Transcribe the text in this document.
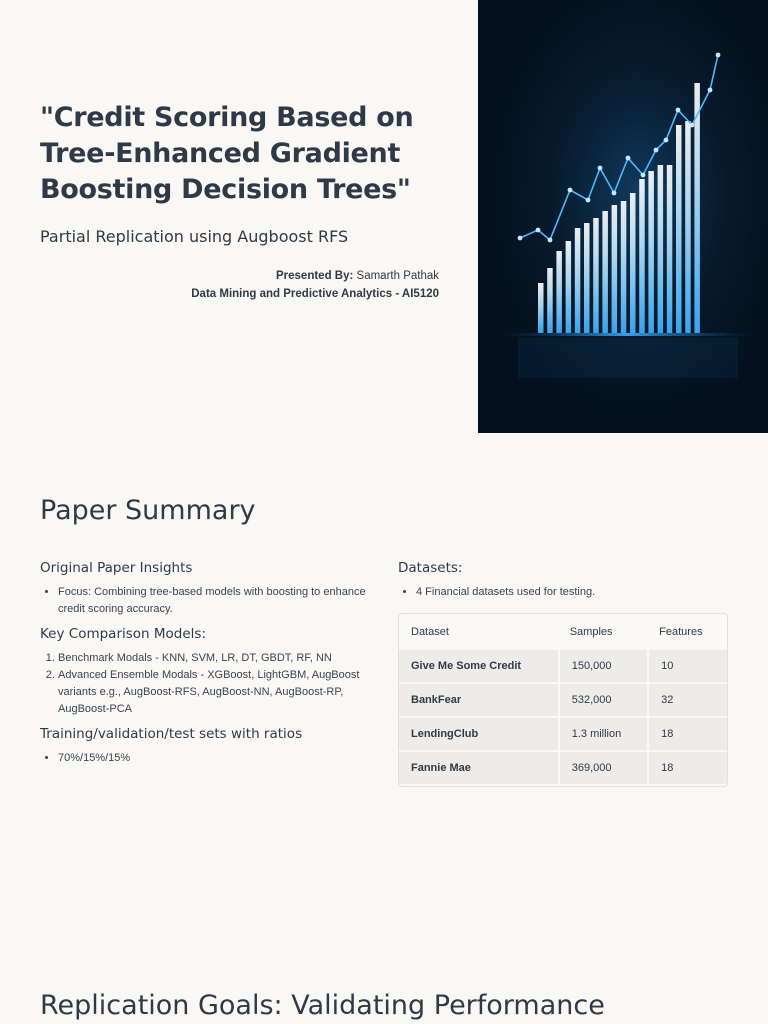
"Credit Scoring Based on Tree-Enhanced Gradient Boosting Decision Trees"

Partial Replication using Augboost RFS

Presented By: Samarth Pathak
Data Mining and Predictive Analytics - AI5120
Paper Summary
Original Paper Insights
• Focus: Combining tree-based models with boosting to enhance credit scoring accuracy.
Key Comparison Models:
1. Benchmark Modals - KNN, SVM, LR, DT, GBDT, RF, NN
2. Advanced Ensemble Modals - XGBoost, LightGBM, AugBoost variants e.g., AugBoost-RFS, AugBoost-NN, AugBoost-RP, AugBoost-PCA
Training/validation/test sets with ratios
• 70%/15%/15%
Datasets:
• 4 Financial datasets used for testing.
Dataset	Samples	Features
Give Me Some Credit	150,000	10
BankFear	532,000	32
LendingClub	1.3 million	18
Fannie Mae	369,000	18
Replication Goals: Validating Performance
